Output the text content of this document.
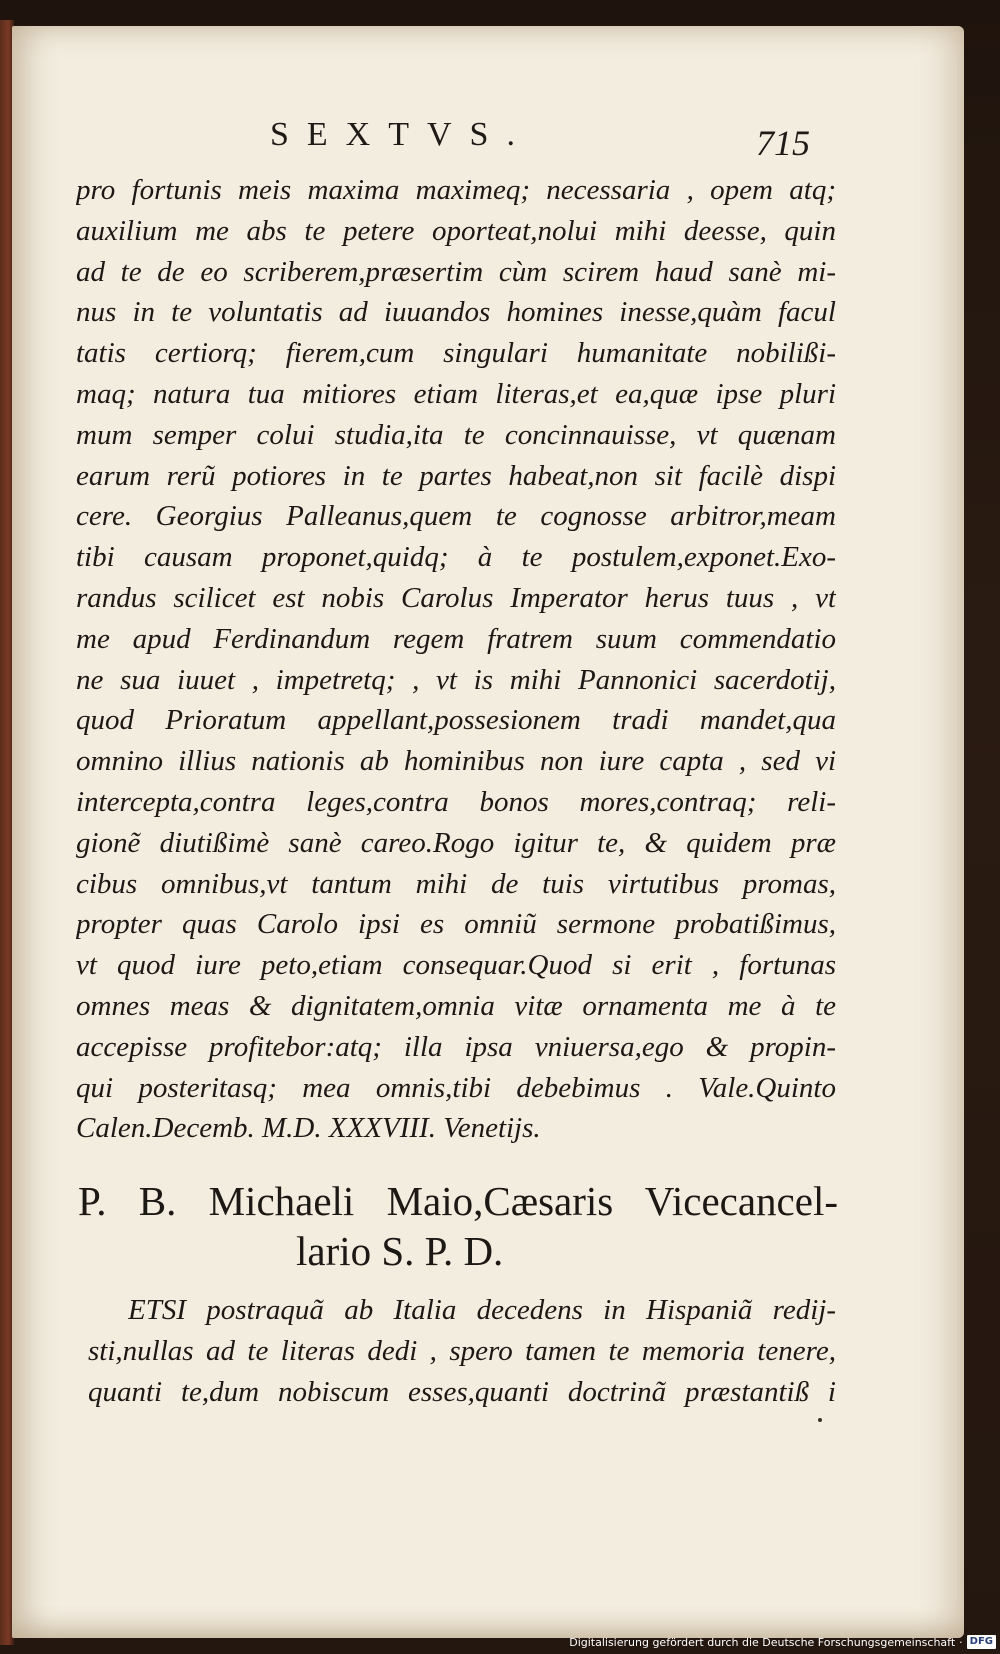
SEXTVS.	715
pro fortunis meis maxima maximeq; necessaria , opem atq;
auxilium me abs te petere oporteat,nolui mihi deesse, quin
ad te de eo scriberem,præsertim cùm scirem haud sanè mi-
nus in te voluntatis ad iuuandos homines inesse,quàm facul
tatis certiorq; fierem,cum singulari humanitate nobilißi-
maq; natura tua mitiores etiam literas,et ea,quæ ipse pluri
mum semper colui studia,ita te concinnauisse, vt quænam
earum rerũ potiores in te partes habeat,non sit facilè dispi
cere. Georgius Palleanus,quem te cognosse arbitror,meam
tibi causam proponet,quidq; à te postulem,exponet.Exo-
randus scilicet est nobis Carolus Imperator herus tuus , vt
me apud Ferdinandum regem fratrem suum commendatio
ne sua iuuet , impetretq; , vt is mihi Pannonici sacerdotij,
quod Prioratum appellant,possesionem tradi mandet,qua
omnino illius nationis ab hominibus non iure capta , sed vi
intercepta,contra leges,contra bonos mores,contraq; reli-
gionẽ diutißimè sanè careo.Rogo igitur te, & quidem præ
cibus omnibus,vt tantum mihi de tuis virtutibus promas,
propter quas Carolo ipsi es omniũ sermone probatißimus,
vt quod iure peto,etiam consequar.Quod si erit , fortunas
omnes meas & dignitatem,omnia vitæ ornamenta me à te
accepisse profitebor:atq; illa ipsa vniuersa,ego & propin-
qui posteritasq; mea omnis,tibi debebimus . Vale.Quinto
Calen.Decemb. M.D. XXXVIII. Venetijs.
P. B. Michaeli Maio,Cæsaris Vicecancel-
lario S. P. D.
ETSI postraquã ab Italia decedens in Hispaniã redij-
sti,nullas ad te literas dedi , spero tamen te memoria tenere,
quanti te,dum nobiscum esses,quanti doctrinã præstantiß i
Digitalisierung gefördert durch die Deutsche Forschungsgemeinschaft · DFG
